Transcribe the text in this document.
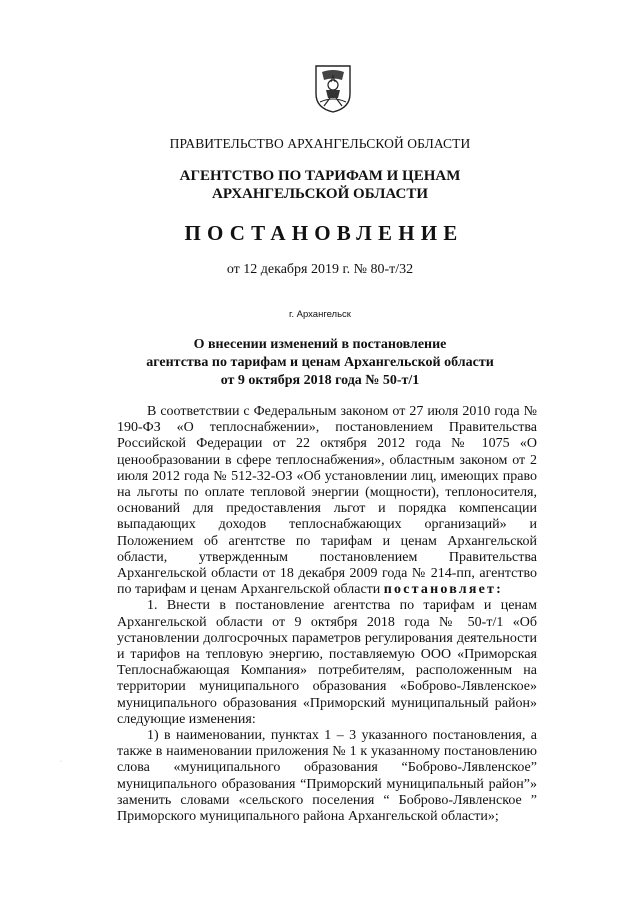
ПРАВИТЕЛЬСТВО АРХАНГЕЛЬСКОЙ ОБЛАСТИ
АГЕНТСТВО ПО ТАРИФАМ И ЦЕНАМ
АРХАНГЕЛЬСКОЙ ОБЛАСТИ
ПОСТАНОВЛЕНИЕ
от 12 декабря 2019 г. № 80-т/32
г. Архангельск
О внесении изменений в постановление
агентства по тарифам и ценам Архангельской области
от 9 октября 2018 года № 50-т/1

В соответствии с Федеральным законом от 27 июля 2010 года № 190-ФЗ «О теплоснабжении», постановлением Правительства Российской Федерации от 22 октября 2012 года № 1075 «О ценообразовании в сфере теплоснабжения», областным законом от 2 июля 2012 года № 512-32-ОЗ «Об установлении лиц, имеющих право на льготы по оплате тепловой энергии (мощности), теплоносителя, оснований для предоставления льгот и порядка компенсации выпадающих доходов теплоснабжающих организаций» и Положением об агентстве по тарифам и ценам Архангельской области, утвержденным постановлением Правительства Архангельской области от 18 декабря 2009 года № 214-пп, агентство по тарифам и ценам Архангельской области постановляет:

1. Внести в постановление агентства по тарифам и ценам Архангельской области от 9 октября 2018 года № 50-т/1 «Об установлении долгосрочных параметров регулирования деятельности и тарифов на тепловую энергию, поставляемую ООО «Приморская Теплоснабжающая Компания» потребителям, расположенным на территории муниципального образования «Боброво-Лявленское» муниципального образования «Приморский муниципальный район» следующие изменения:

1) в наименовании, пунктах 1 – 3 указанного постановления, а также в наименовании приложения № 1 к указанному постановлению слова «муниципального образования “Боброво-Лявленское” муниципального образования “Приморский муниципальный район”» заменить словами «сельского поселения “ Боброво-Лявленское ” Приморского муниципального района Архангельской области»;

·
